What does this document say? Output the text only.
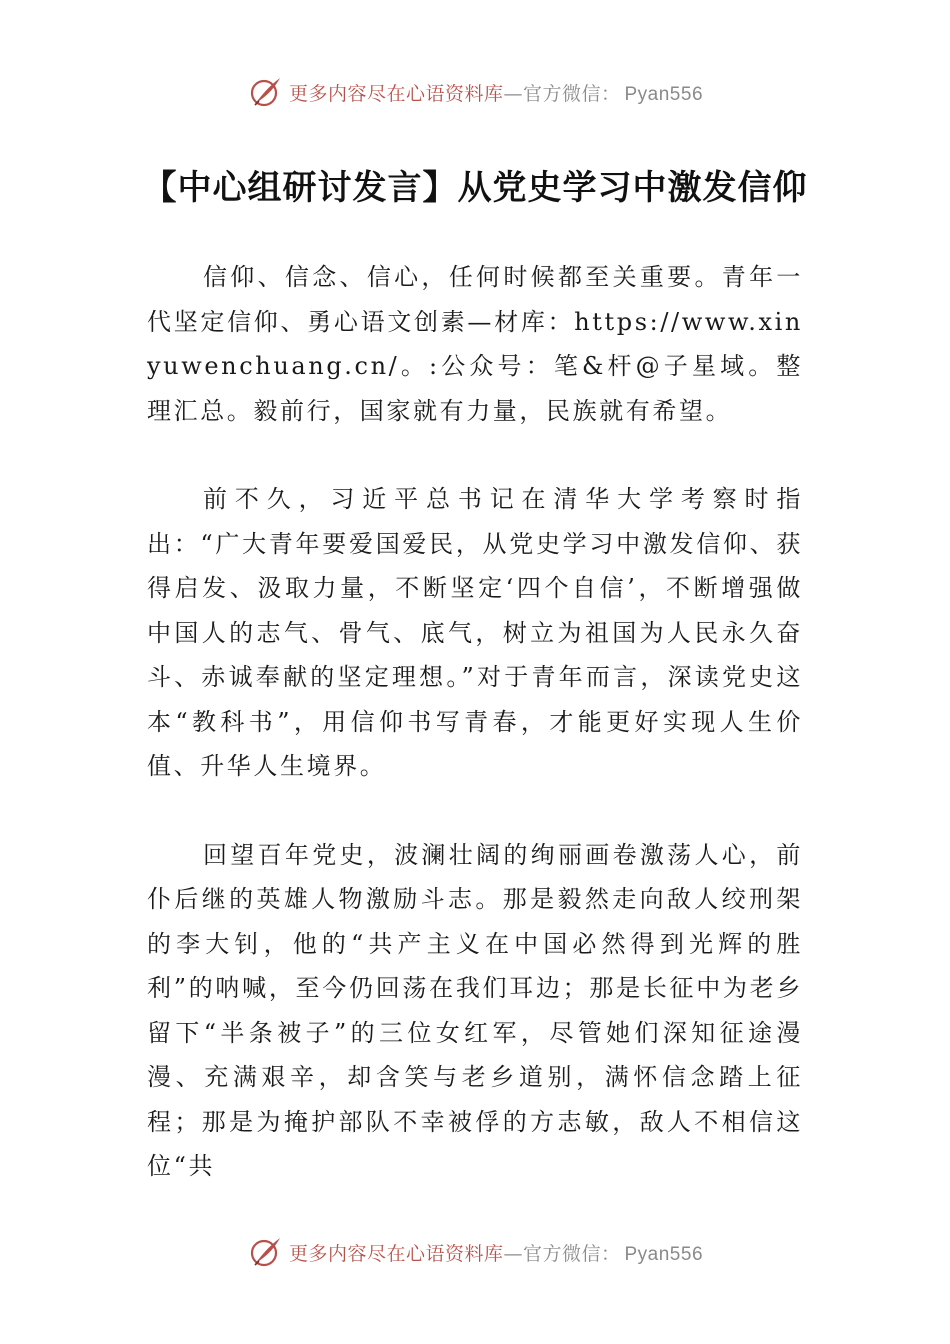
更多内容尽在心语资料库—官方微信： Pyan556
【中心组研讨发言】从党史学习中激发信仰

信仰、信念、信心，任何时候都至关重要。青年一代坚定信仰、勇心语文创素—材库：https://www.xinyuwenchuang.cn/。:公众号：笔&杆@子星域。整理汇总。毅前行，国家就有力量，民族就有希望。

前不久，习近平总书记在清华大学考察时指出：“广大青年要爱国爱民，从党史学习中激发信仰、获得启发、汲取力量，不断坚定‘四个自信’，不断增强做中国人的志气、骨气、底气，树立为祖国为人民永久奋斗、赤诚奉献的坚定理想。”对于青年而言，深读党史这本“教科书”，用信仰书写青春，才能更好实现人生价值、升华人生境界。

回望百年党史，波澜壮阔的绚丽画卷激荡人心，前仆后继的英雄人物激励斗志。那是毅然走向敌人绞刑架的李大钊，他的“共产主义在中国必然得到光辉的胜利”的呐喊，至今仍回荡在我们耳边；那是长征中为老乡留下“半条被子”的三位女红军，尽管她们深知征途漫漫、充满艰辛，却含笑与老乡道别，满怀信念踏上征程；那是为掩护部队不幸被俘的方志敏，敌人不相信这位“共

更多内容尽在心语资料库—官方微信： Pyan556
